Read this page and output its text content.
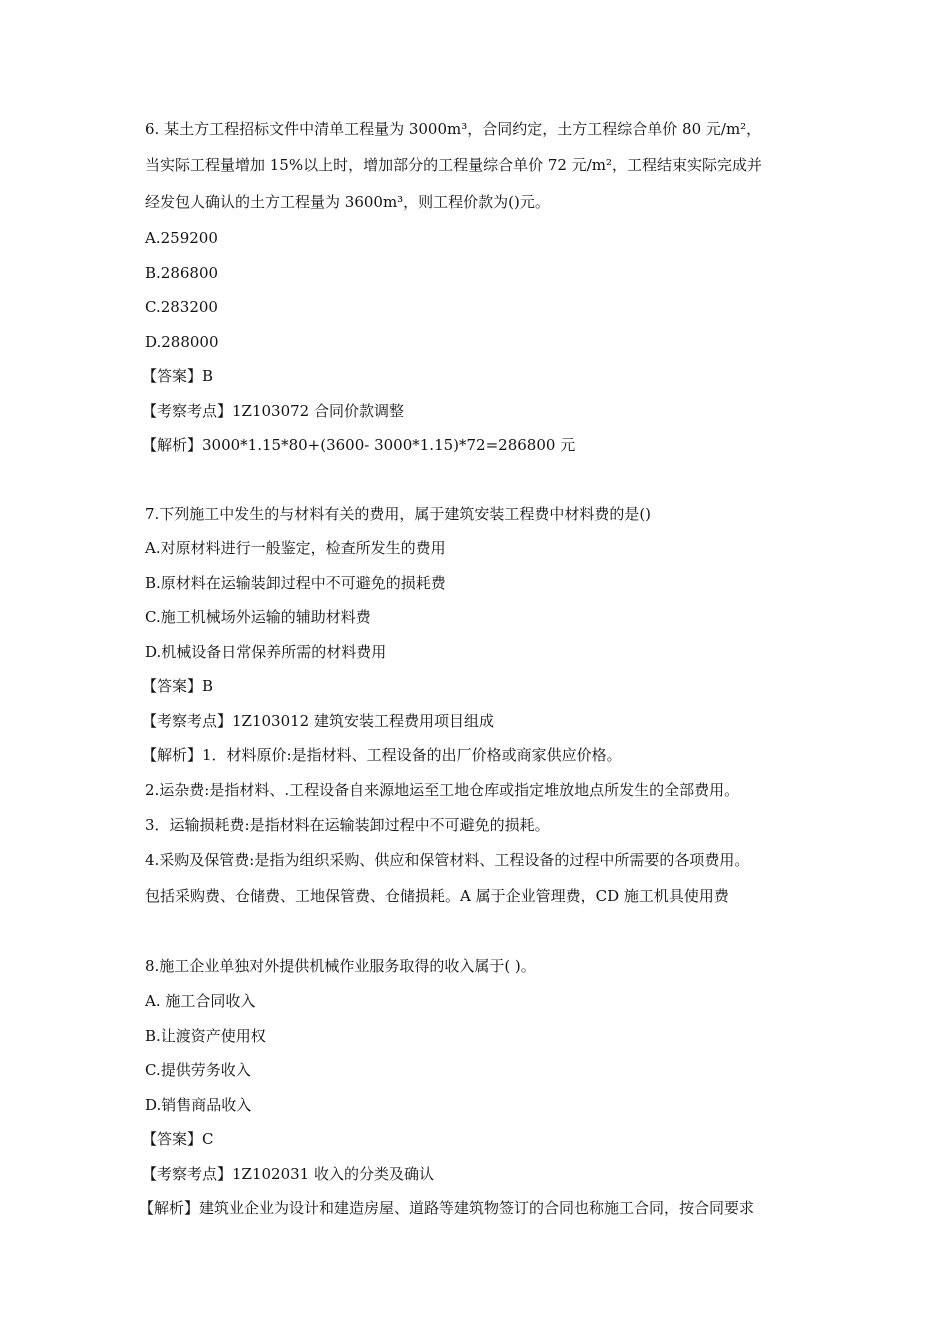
6. 某土方工程招标文件中清单工程量为 3000m³，合同约定，土方工程综合单价 80 元/m²，
当实际工程量增加 15%以上时，增加部分的工程量综合单价 72 元/m²，工程结束实际完成并
经发包人确认的土方工程量为 3600m³，则工程价款为()元。
A.259200
B.286800
C.283200
D.288000
【答案】B
【考察考点】1Z103072 合同价款调整
【解析】3000*1.15*80+(3600- 3000*1.15)*72=286800 元
7.下列施工中发生的与材料有关的费用，属于建筑安装工程费中材料费的是()
A.对原材料进行一般鉴定，检查所发生的费用
B.原材料在运输装卸过程中不可避免的损耗费
C.施工机械场外运输的辅助材料费
D.机械设备日常保养所需的材料费用
【答案】B
【考察考点】1Z103012 建筑安装工程费用项目组成
【解析】1．材料原价:是指材料、工程设备的出厂价格或商家供应价格。
2.运杂费:是指材料、.工程设备自来源地运至工地仓库或指定堆放地点所发生的全部费用。
3．运输损耗费:是指材料在运输装卸过程中不可避免的损耗。
4.采购及保管费:是指为组织采购、供应和保管材料、工程设备的过程中所需要的各项费用。
包括采购费、仓储费、工地保管费、仓储损耗。A 属于企业管理费，CD 施工机具使用费
8.施工企业单独对外提供机械作业服务取得的收入属于( )。
A. 施工合同收入
B.让渡资产使用权
C.提供劳务收入
D.销售商品收入
【答案】C
【考察考点】1Z102031 收入的分类及确认
【解析】建筑业企业为设计和建造房屋、道路等建筑物签订的合同也称施工合同，按合同要求
